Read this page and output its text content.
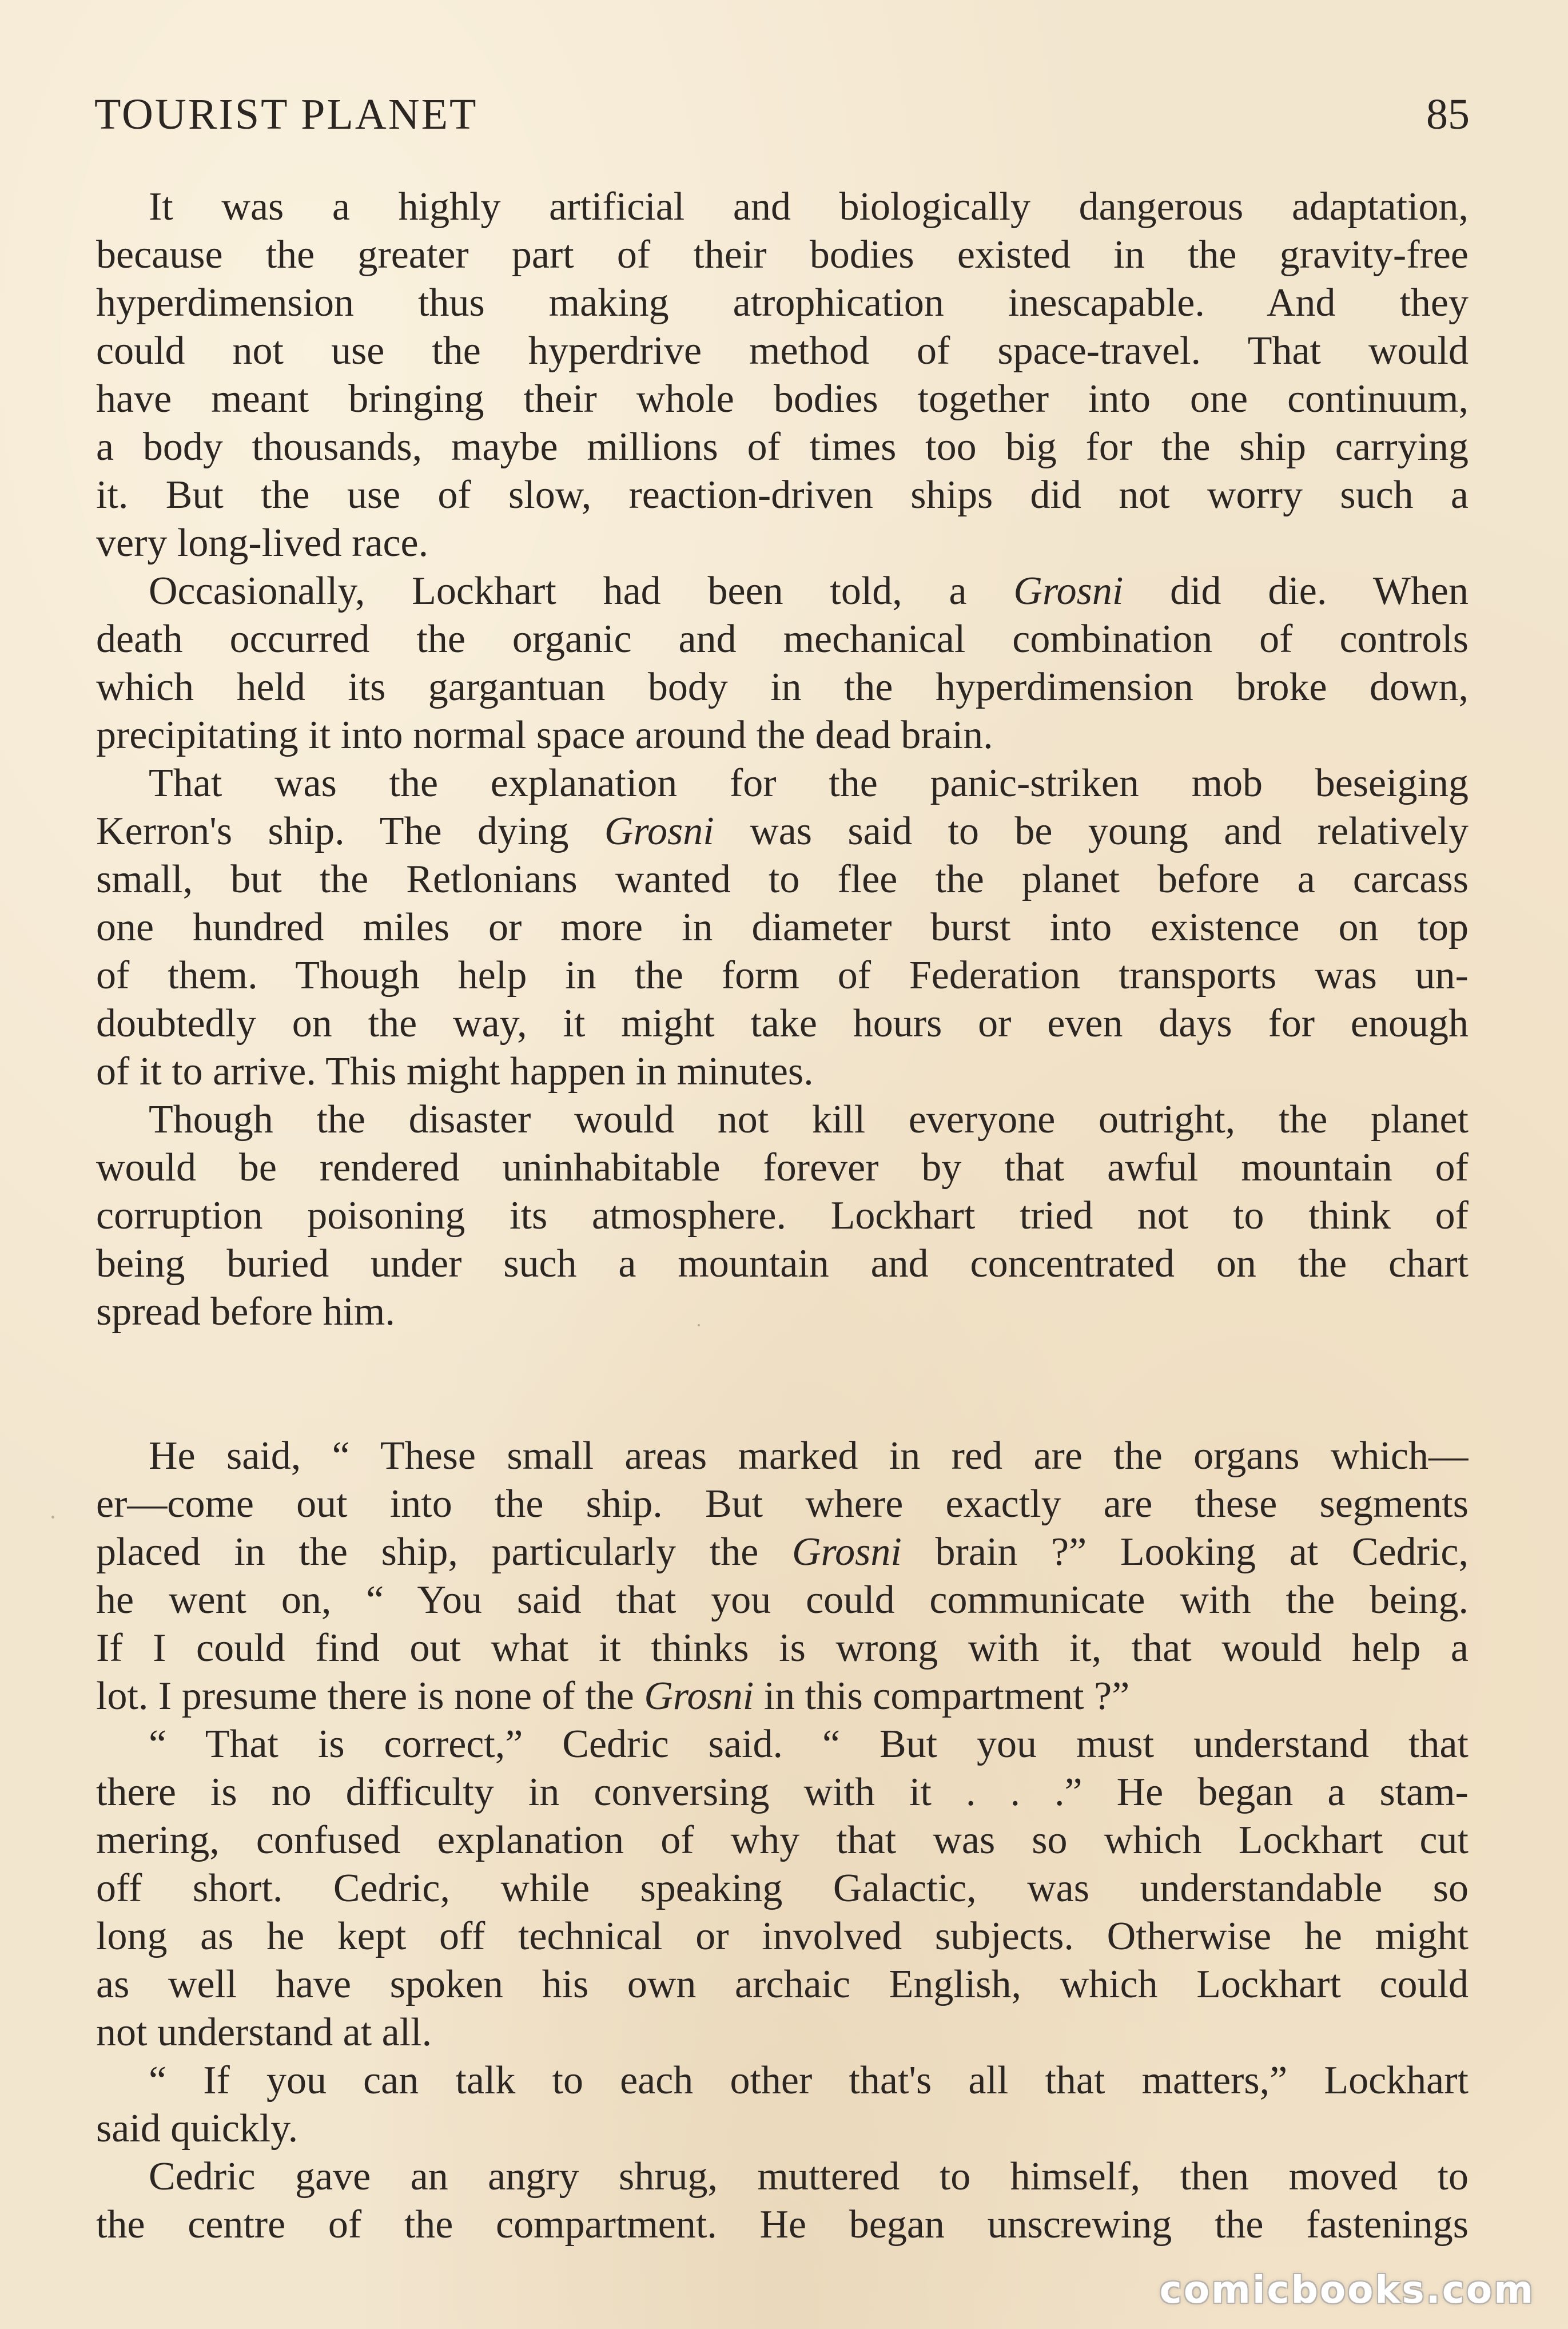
TOURIST PLANET	85

It was a highly artificial and biologically dangerous adaptation,
because the greater part of their bodies existed in the gravity-free
hyperdimension thus making atrophication inescapable. And they
could not use the hyperdrive method of space-travel. That would
have meant bringing their whole bodies together into one continuum,
a body thousands, maybe millions of times too big for the ship carrying
it. But the use of slow, reaction-driven ships did not worry such a
very long-lived race.

Occasionally, Lockhart had been told, a Grosni did die. When
death occurred the organic and mechanical combination of controls
which held its gargantuan body in the hyperdimension broke down,
precipitating it into normal space around the dead brain.

That was the explanation for the panic-striken mob beseiging
Kerron's ship. The dying Grosni was said to be young and relatively
small, but the Retlonians wanted to flee the planet before a carcass
one hundred miles or more in diameter burst into existence on top
of them. Though help in the form of Federation transports was un-
doubtedly on the way, it might take hours or even days for enough
of it to arrive. This might happen in minutes.

Though the disaster would not kill everyone outright, the planet
would be rendered uninhabitable forever by that awful mountain of
corruption poisoning its atmosphere. Lockhart tried not to think of
being buried under such a mountain and concentrated on the chart
spread before him.

He said, “ These small areas marked in red are the organs which—
er—come out into the ship. But where exactly are these segments
placed in the ship, particularly the Grosni brain ?” Looking at Cedric,
he went on, “ You said that you could communicate with the being.
If I could find out what it thinks is wrong with it, that would help a
lot. I presume there is none of the Grosni in this compartment ?”

“ That is correct,” Cedric said. “ But you must understand that
there is no difficulty in conversing with it . . .” He began a stam-
mering, confused explanation of why that was so which Lockhart cut
off short. Cedric, while speaking Galactic, was understandable so
long as he kept off technical or involved subjects. Otherwise he might
as well have spoken his own archaic English, which Lockhart could
not understand at all.

“ If you can talk to each other that's all that matters,” Lockhart
said quickly.

Cedric gave an angry shrug, muttered to himself, then moved to
the centre of the compartment. He began unscrewing the fastenings

comicbooks.com
